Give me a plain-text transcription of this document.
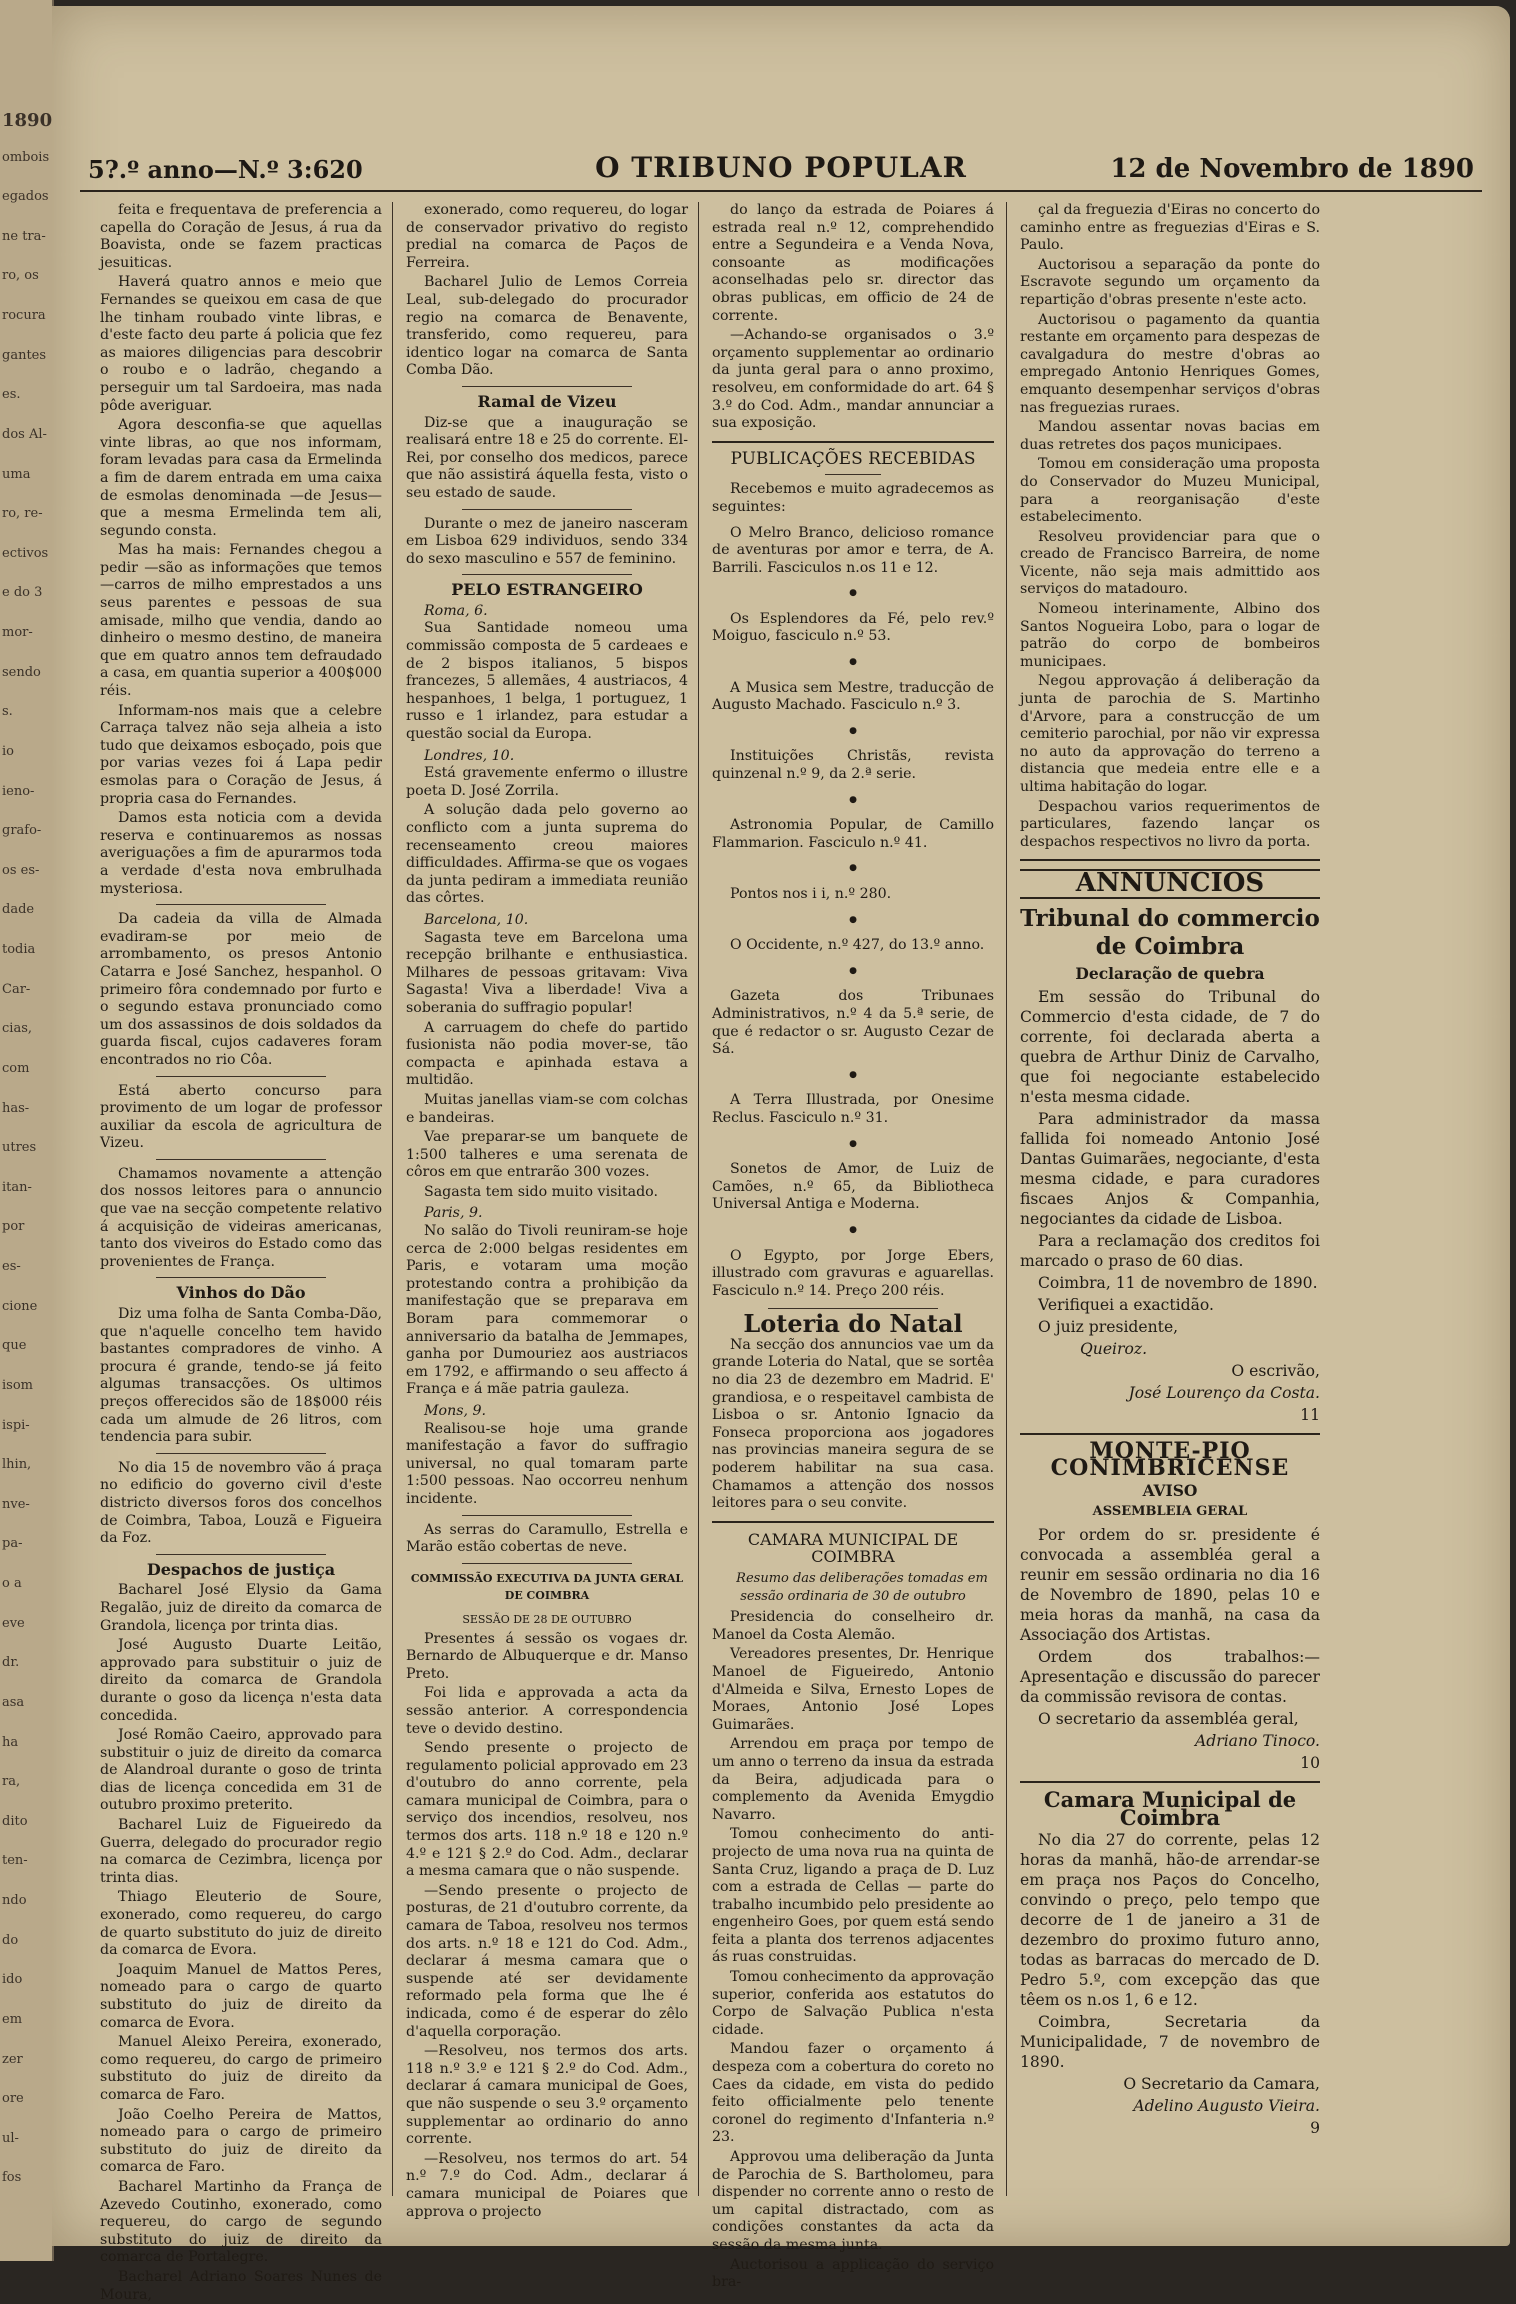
1890
ombois
egados
ne tra-
ro, os
rocura
gantes
es.
dos Al-
uma
ro, re-
ectivos
e do 3
mor-
sendo
s.
io
ieno-
grafo-
os es-
dade
todia
Car-
cias,
com
has-
utres
itan-
por
es-
cione
que
isom
ispi-
lhin,
nve-
pa-
o a
eve
dr.
asa
ha
ra,
dito
ten-
ndo
do
ido
em
zer
ore
ul-
fos
5?.º anno—N.º 3:620	O TRIBUNO POPULAR	12 de Novembro de 1890

feita e frequentava de preferencia a capella do Coração de Jesus, á rua da Boavista, onde se fazem practicas jesuiticas.

Haverá quatro annos e meio que Fernandes se queixou em casa de que lhe tinham roubado vinte libras, e d'este facto deu parte á policia que fez as maiores diligencias para descobrir o roubo e o ladrão, chegando a perseguir um tal Sardoeira, mas nada pôde averiguar.

Agora desconfia-se que aquellas vinte libras, ao que nos informam, foram levadas para casa da Ermelinda a fim de darem entrada em uma caixa de esmolas denominada —de Jesus—que a mesma Ermelinda tem ali, segundo consta.

Mas ha mais: Fernandes chegou a pedir —são as informações que temos—carros de milho emprestados a uns seus parentes e pessoas de sua amisade, milho que vendia, dando ao dinheiro o mesmo destino, de maneira que em quatro annos tem defraudado a casa, em quantia superior a 400$000 réis.

Informam-nos mais que a celebre Carraça talvez não seja alheia a isto tudo que deixamos esboçado, pois que por varias vezes foi á Lapa pedir esmolas para o Coração de Jesus, á propria casa do Fernandes.

Damos esta noticia com a devida reserva e continuaremos as nossas averiguações a fim de apurarmos toda a verdade d'esta nova embrulhada mysteriosa.

Da cadeia da villa de Almada evadiram-se por meio de arrombamento, os presos Antonio Catarra e José Sanchez, hespanhol. O primeiro fôra condemnado por furto e o segundo estava pronunciado como um dos assassinos de dois soldados da guarda fiscal, cujos cadaveres foram encontrados no rio Côa.

Está aberto concurso para provimento de um logar de professor auxiliar da escola de agricultura de Vizeu.

Chamamos novamente a attenção dos nossos leitores para o annuncio que vae na secção competente relativo á acquisição de videiras americanas, tanto dos viveiros do Estado como das provenientes de França.

Vinhos do Dão

Diz uma folha de Santa Comba-Dão, que n'aquelle concelho tem havido bastantes compradores de vinho. A procura é grande, tendo-se já feito algumas transacções. Os ultimos preços offerecidos são de 18$000 réis cada um almude de 26 litros, com tendencia para subir.

No dia 15 de novembro vão á praça no edificio do governo civil d'este districto diversos foros dos concelhos de Coimbra, Taboa, Louzã e Figueira da Foz.

Despachos de justiça

Bacharel José Elysio da Gama Regalão, juiz de direito da comarca de Grandola, licença por trinta dias.

José Augusto Duarte Leitão, approvado para substituir o juiz de direito da comarca de Grandola durante o goso da licença n'esta data concedida.

José Romão Caeiro, approvado para substituir o juiz de direito da comarca de Alandroal durante o goso de trinta dias de licença concedida em 31 de outubro proximo preterito.

Bacharel Luiz de Figueiredo da Guerra, delegado do procurador regio na comarca de Cezimbra, licença por trinta dias.

Thiago Eleuterio de Soure, exonerado, como requereu, do cargo de quarto substituto do juiz de direito da comarca de Evora.

Joaquim Manuel de Mattos Peres, nomeado para o cargo de quarto substituto do juiz de direito da comarca de Evora.

Manuel Aleixo Pereira, exonerado, como requereu, do cargo de primeiro substituto do juiz de direito da comarca de Faro.

João Coelho Pereira de Mattos, nomeado para o cargo de primeiro substituto do juiz de direito da comarca de Faro.

Bacharel Martinho da França de Azevedo Coutinho, exonerado, como requereu, do cargo de segundo substituto do juiz de direito da comarca de Portalegre.

Bacharel Adriano Soares Nunes de Moura,

exonerado, como requereu, do logar de conservador privativo do registo predial na comarca de Paços de Ferreira.

Bacharel Julio de Lemos Correia Leal, sub-delegado do procurador regio na comarca de Benavente, transferido, como requereu, para identico logar na comarca de Santa Comba Dão.

Ramal de Vizeu

Diz-se que a inauguração se realisará entre 18 e 25 do corrente. El-Rei, por conselho dos medicos, parece que não assistirá áquella festa, visto o seu estado de saude.

Durante o mez de janeiro nasceram em Lisboa 629 individuos, sendo 334 do sexo masculino e 557 de feminino.

PELO ESTRANGEIRO

Roma, 6.

Sua Santidade nomeou uma commissão composta de 5 cardeaes e de 2 bispos italianos, 5 bispos francezes, 5 allemães, 4 austriacos, 4 hespanhoes, 1 belga, 1 portuguez, 1 russo e 1 irlandez, para estudar a questão social da Europa.

Londres, 10.

Está gravemente enfermo o illustre poeta D. José Zorrila.

A solução dada pelo governo ao conflicto com a junta suprema do recenseamento creou maiores difficuldades. Affirma-se que os vogaes da junta pediram a immediata reunião das côrtes.

Barcelona, 10.

Sagasta teve em Barcelona uma recepção brilhante e enthusiastica. Milhares de pessoas gritavam: Viva Sagasta! Viva a liberdade! Viva a soberania do suffragio popular!

A carruagem do chefe do partido fusionista não podia mover-se, tão compacta e apinhada estava a multidão.

Muitas janellas viam-se com colchas e bandeiras.

Vae preparar-se um banquete de 1:500 talheres e uma serenata de côros em que entrarão 300 vozes.

Sagasta tem sido muito visitado.

Paris, 9.

No salão do Tivoli reuniram-se hoje cerca de 2:000 belgas residentes em Paris, e votaram uma moção protestando contra a prohibição da manifestação que se preparava em Boram para commemorar o anniversario da batalha de Jemmapes, ganha por Dumouriez aos austriacos em 1792, e affirmando o seu affecto á França e á mãe patria gauleza.

Mons, 9.

Realisou-se hoje uma grande manifestação a favor do suffragio universal, no qual tomaram parte 1:500 pessoas. Nao occorreu nenhum incidente.

As serras do Caramullo, Estrella e Marão estão cobertas de neve.

COMMISSÃO EXECUTIVA DA JUNTA GERAL DE COIMBRA
SESSÃO DE 28 DE OUTUBRO

Presentes á sessão os vogaes dr. Bernardo de Albuquerque e dr. Manso Preto.

Foi lida e approvada a acta da sessão anterior. A correspondencia teve o devido destino.

Sendo presente o projecto de regulamento policial approvado em 23 d'outubro do anno corrente, pela camara municipal de Coimbra, para o serviço dos incendios, resolveu, nos termos dos arts. 118 n.º 18 e 120 n.º 4.º e 121 § 2.º do Cod. Adm., declarar a mesma camara que o não suspende.

—Sendo presente o projecto de posturas, de 21 d'outubro corrente, da camara de Taboa, resolveu nos termos dos arts. n.º 18 e 121 do Cod. Adm., declarar á mesma camara que o suspende até ser devidamente reformado pela forma que lhe é indicada, como é de esperar do zêlo d'aquella corporação.

—Resolveu, nos termos dos arts. 118 n.º 3.º e 121 § 2.º do Cod. Adm., declarar á camara municipal de Goes, que não suspende o seu 3.º orçamento supplementar ao ordinario do anno corrente.

—Resolveu, nos termos do art. 54 n.º 7.º do Cod. Adm., declarar á camara municipal de Poiares que approva o projecto

do lanço da estrada de Poiares á estrada real n.º 12, comprehendido entre a Segundeira e a Venda Nova, consoante as modificações aconselhadas pelo sr. director das obras publicas, em officio de 24 de corrente.

—Achando-se organisados o 3.º orçamento supplementar ao ordinario da junta geral para o anno proximo, resolveu, em conformidade do art. 64 § 3.º do Cod. Adm., mandar annunciar a sua exposição.

PUBLICAÇÕES RECEBIDAS

Recebemos e muito agradecemos as seguintes:

O Melro Branco, delicioso romance de aventuras por amor e terra, de A. Barrili. Fasciculos n.os 11 e 12.

●

Os Esplendores da Fé, pelo rev.º Moiguo, fasciculo n.º 53.

●

A Musica sem Mestre, traducção de Augusto Machado. Fasciculo n.º 3.

●

Instituições Christãs, revista quinzenal n.º 9, da 2.ª serie.

●

Astronomia Popular, de Camillo Flammarion. Fasciculo n.º 41.

●

Pontos nos i i, n.º 280.

●

O Occidente, n.º 427, do 13.º anno.

●

Gazeta dos Tribunaes Administrativos, n.º 4 da 5.ª serie, de que é redactor o sr. Augusto Cezar de Sá.

●

A Terra Illustrada, por Onesime Reclus. Fasciculo n.º 31.

●

Sonetos de Amor, de Luiz de Camões, n.º 65, da Bibliotheca Universal Antiga e Moderna.

●

O Egypto, por Jorge Ebers, illustrado com gravuras e aguarellas. Fasciculo n.º 14. Preço 200 réis.

Loteria do Natal

Na secção dos annuncios vae um da grande Loteria do Natal, que se sortêa no dia 23 de dezembro em Madrid. E' grandiosa, e o respeitavel cambista de Lisboa o sr. Antonio Ignacio da Fonseca proporciona aos jogadores nas provincias maneira segura de se poderem habilitar na sua casa. Chamamos a attenção dos nossos leitores para o seu convite.

CAMARA MUNICIPAL DE COIMBRA

Resumo das deliberações tomadas em sessão ordinaria de 30 de outubro

Presidencia do conselheiro dr. Manoel da Costa Alemão.

Vereadores presentes, Dr. Henrique Manoel de Figueiredo, Antonio d'Almeida e Silva, Ernesto Lopes de Moraes, Antonio José Lopes Guimarães.

Arrendou em praça por tempo de um anno o terreno da insua da estrada da Beira, adjudicada para o complemento da Avenida Emygdio Navarro.

Tomou conhecimento do anti-projecto de uma nova rua na quinta de Santa Cruz, ligando a praça de D. Luz com a estrada de Cellas — parte do trabalho incumbido pelo presidente ao engenheiro Goes, por quem está sendo feita a planta dos terrenos adjacentes ás ruas construidas.

Tomou conhecimento da approvação superior, conferida aos estatutos do Corpo de Salvação Publica n'esta cidade.

Mandou fazer o orçamento á despeza com a cobertura do coreto no Caes da cidade, em vista do pedido feito officialmente pelo tenente coronel do regimento d'Infanteria n.º 23.

Approvou uma deliberação da Junta de Parochia de S. Bartholomeu, para dispender no corrente anno o resto de um capital distractado, com as condições constantes da acta da sessão da mesma junta.

Auctorisou a applicação do serviço bra-

çal da freguezia d'Eiras no concerto do caminho entre as freguezias d'Eiras e S. Paulo.

Auctorisou a separação da ponte do Escravote segundo um orçamento da repartição d'obras presente n'este acto.

Auctorisou o pagamento da quantia restante em orçamento para despezas de cavalgadura do mestre d'obras ao empregado Antonio Henriques Gomes, emquanto desempenhar serviços d'obras nas freguezias ruraes.

Mandou assentar novas bacias em duas retretes dos paços municipaes.

Tomou em consideração uma proposta do Conservador do Muzeu Municipal, para a reorganisação d'este estabelecimento.

Resolveu providenciar para que o creado de Francisco Barreira, de nome Vicente, não seja mais admittido aos serviços do matadouro.

Nomeou interinamente, Albino dos Santos Nogueira Lobo, para o logar de patrão do corpo de bombeiros municipaes.

Negou approvação á deliberação da junta de parochia de S. Martinho d'Arvore, para a construcção de um cemiterio parochial, por não vir expressa no auto da approvação do terreno a distancia que medeia entre elle e a ultima habitação do logar.

Despachou varios requerimentos de particulares, fazendo lançar os despachos respectivos no livro da porta.

ANNUNCIOS
Tribunal do commercio de Coimbra
Declaração de quebra

Em sessão do Tribunal do Commercio d'esta cidade, de 7 do corrente, foi declarada aberta a quebra de Arthur Diniz de Carvalho, que foi negociante estabelecido n'esta mesma cidade.

Para administrador da massa fallida foi nomeado Antonio José Dantas Guimarães, negociante, d'esta mesma cidade, e para curadores fiscaes Anjos & Companhia, negociantes da cidade de Lisboa.

Para a reclamação dos creditos foi marcado o praso de 60 dias.

Coimbra, 11 de novembro de 1890.

Verifiquei a exactidão.

O juiz presidente,

Queiroz.

O escrivão,

José Lourenço da Costa.

11

MONTE-PIO CONIMBRICENSE
AVISO
ASSEMBLEIA GERAL

Por ordem do sr. presidente é convocada a assembléa geral a reunir em sessão ordinaria no dia 16 de Novembro de 1890, pelas 10 e meia horas da manhã, na casa da Associação dos Artistas.

Ordem dos trabalhos:—Apresentação e discussão do parecer da commissão revisora de contas.

O secretario da assembléa geral,

Adriano Tinoco.

10

Camara Municipal de Coimbra

No dia 27 do corrente, pelas 12 horas da manhã, hão-de arrendar-se em praça nos Paços do Concelho, convindo o preço, pelo tempo que decorre de 1 de janeiro a 31 de dezembro do proximo futuro anno, todas as barracas do mercado de D. Pedro 5.º, com excepção das que têem os n.os 1, 6 e 12.

Coimbra, Secretaria da Municipalidade, 7 de novembro de 1890.

O Secretario da Camara,

Adelino Augusto Vieira.

9
